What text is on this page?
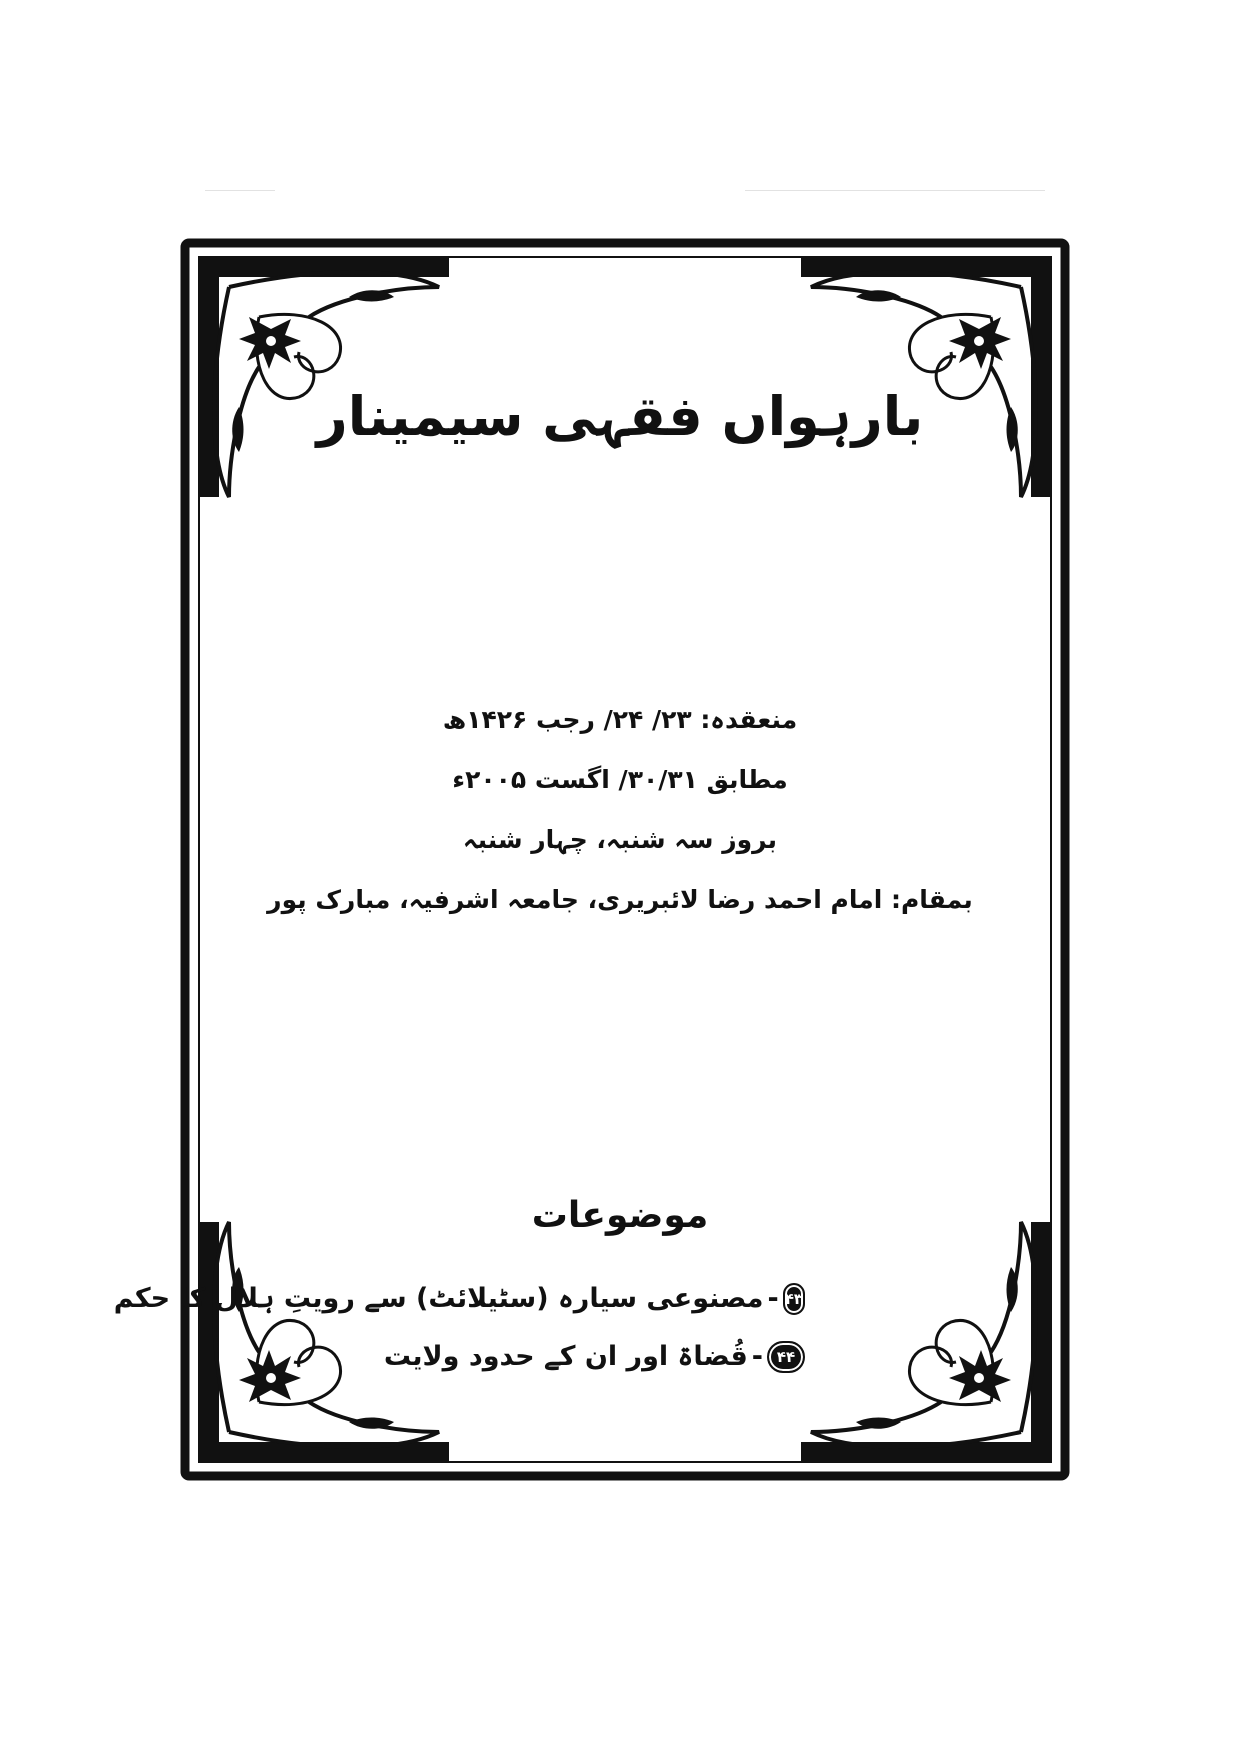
بارہواں فقہی سیمینار
منعقدہ: ۲۳/ ۲۴/ رجب ۱۴۲۶ھ
مطابق ۳۰/۳۱/ اگست ۲۰۰۵ء
بروز سہ شنبہ، چہار شنبہ
بمقام: امام احمد رضا لائبریری، جامعہ اشرفیہ، مبارک پور
موضوعات
۴۳
-
مصنوعی سیارہ (سٹیلائٹ) سے رویتِ ہلال کا حکم
۴۴
-
قُضاۃ اور ان کے حدود ولایت
